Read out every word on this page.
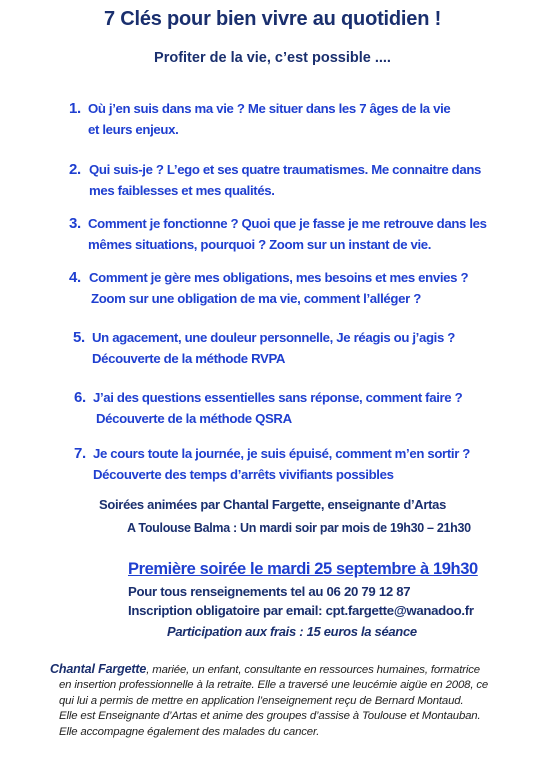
7 Clés pour bien vivre au quotidien !
Profiter de la vie, c’est possible ....
1. Où j’en suis dans ma vie ? Me situer dans les 7 âges de la vie
et leurs enjeux.
2. Qui suis-je ? L’ego et ses quatre traumatismes. Me connaitre dans
mes faiblesses et mes qualités.
3. Comment je fonctionne ? Quoi que je fasse je me retrouve dans les
mêmes situations, pourquoi ? Zoom sur un instant de vie.
4. Comment je gère mes obligations, mes besoins et mes envies ?
Zoom sur une obligation de ma vie, comment l’alléger ?
5. Un agacement, une douleur personnelle, Je réagis ou j’agis ?
Découverte de la méthode RVPA
6. J’ai des questions essentielles sans réponse, comment faire ?
Découverte de la méthode QSRA
7. Je cours toute la journée, je suis épuisé, comment m’en sortir ?
Découverte des temps d’arrêts vivifiants possibles
Soirées animées par Chantal Fargette, enseignante d’Artas
A Toulouse Balma : Un mardi soir par mois de 19h30 – 21h30
Première soirée le mardi 25 septembre à 19h30
Pour tous renseignements tel au 06 20 79 12 87
Inscription obligatoire par email: cpt.fargette@wanadoo.fr
Participation aux frais : 15 euros la séance
Chantal Fargette, mariée, un enfant, consultante en ressources humaines, formatrice
en insertion professionnelle à la retraite. Elle a traversé une leucémie aigüe en 2008, ce
qui lui a permis de mettre en application l’enseignement reçu de Bernard Montaud.
Elle est Enseignante d’Artas et anime des groupes d’assise à Toulouse et Montauban.
Elle accompagne également des malades du cancer.
